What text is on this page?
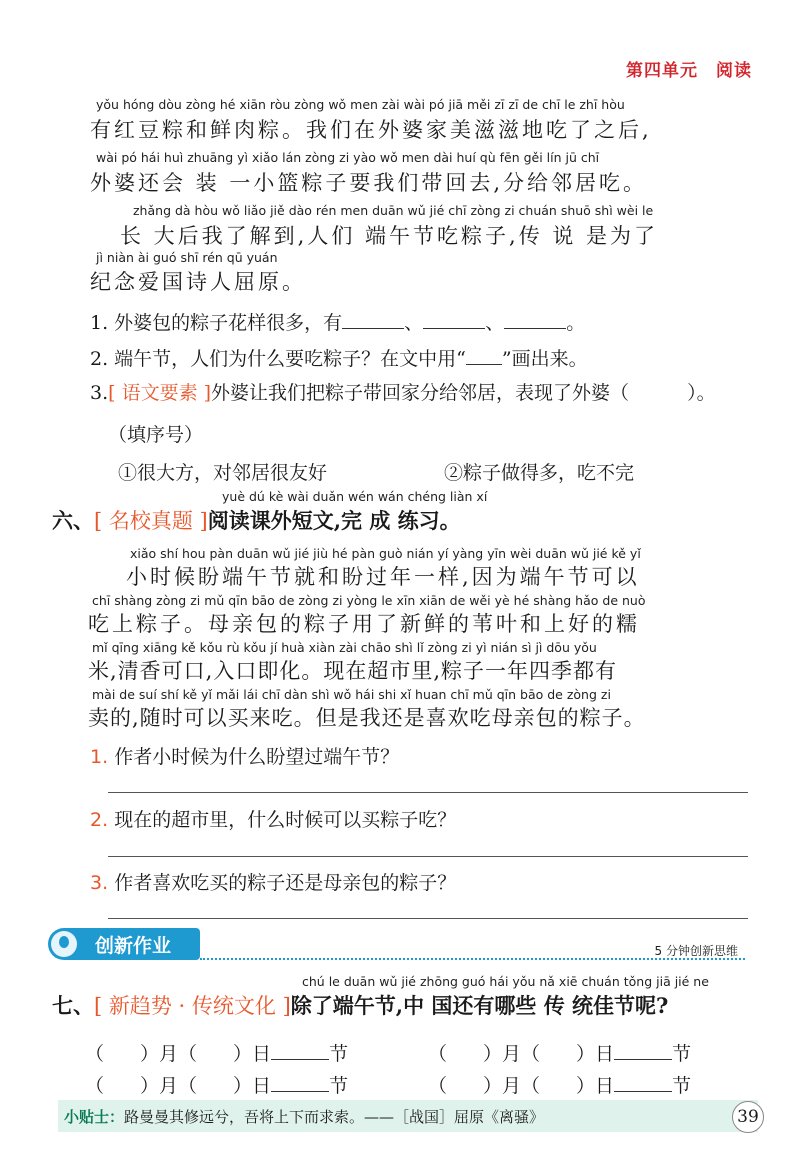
第四单元　阅读
yǒu hóng dòu zòng hé xiān ròu zòng wǒ men zài wài pó jiā měi zī zī de chī le zhī hòu
有红豆粽和鲜肉粽。我们在外婆家美滋滋地吃了之后,
wài pó hái huì zhuāng yì xiǎo lán zòng zi yào wǒ men dài huí qù fēn gěi lín jū chī
外婆还会 装 一小篮粽子要我们带回去,分给邻居吃。
zhǎng dà hòu wǒ liǎo jiě dào rén men duān wǔ jié chī zòng zi chuán shuō shì wèi le
长 大后我了解到,人们 端午节吃粽子,传 说 是为了
jì niàn ài guó shī rén qū yuán
纪念爱国诗人屈原。
1. 外婆包的粽子花样很多，有	、	、	。
2. 端午节，人们为什么要吃粽子？在文中用“ ”画出来。
3.[ 语文要素 ]外婆让我们把粽子带回家分给邻居，表现了外婆（	）。
（填序号）
①很大方，对邻居很友好	②粽子做得多，吃不完
yuè dú kè wài duǎn wén wán chéng liàn xí
六、[ 名校真题 ]阅读课外短文,完 成 练习。
xiǎo shí hou pàn duān wǔ jié jiù hé pàn guò nián yí yàng yīn wèi duān wǔ jié kě yǐ
小时候盼端午节就和盼过年一样,因为端午节可以
chī shàng zòng zi mǔ qīn bāo de zòng zi yòng le xīn xiān de wěi yè hé shàng hǎo de nuò
吃上粽子。母亲包的粽子用了新鲜的苇叶和上好的糯
mǐ qīng xiāng kě kǒu rù kǒu jí huà xiàn zài chāo shì lǐ zòng zi yì nián sì jì dōu yǒu
米,清香可口,入口即化。现在超市里,粽子一年四季都有
mài de suí shí kě yǐ mǎi lái chī dàn shì wǒ hái shi xǐ huan chī mǔ qīn bāo de zòng zi
卖的,随时可以买来吃。但是我还是喜欢吃母亲包的粽子。
1. 作者小时候为什么盼望过端午节？
2. 现在的超市里，什么时候可以买粽子吃？
3. 作者喜欢吃买的粽子还是母亲包的粽子？
创新作业	5 分钟创新思维
chú le duān wǔ jié zhōng guó hái yǒu nǎ xiē chuán tǒng jiā jié ne
七、[ 新趋势 · 传统文化 ]除了端午节,中 国还有哪些 传 统佳节呢?
（ ）月（ ）日	节	（ ）月（ ）日	节
（ ）月（ ）日	节	（ ）月（ ）日	节
小贴士：路曼曼其修远兮，吾将上下而求索。——［战国］屈原《离骚》	39
